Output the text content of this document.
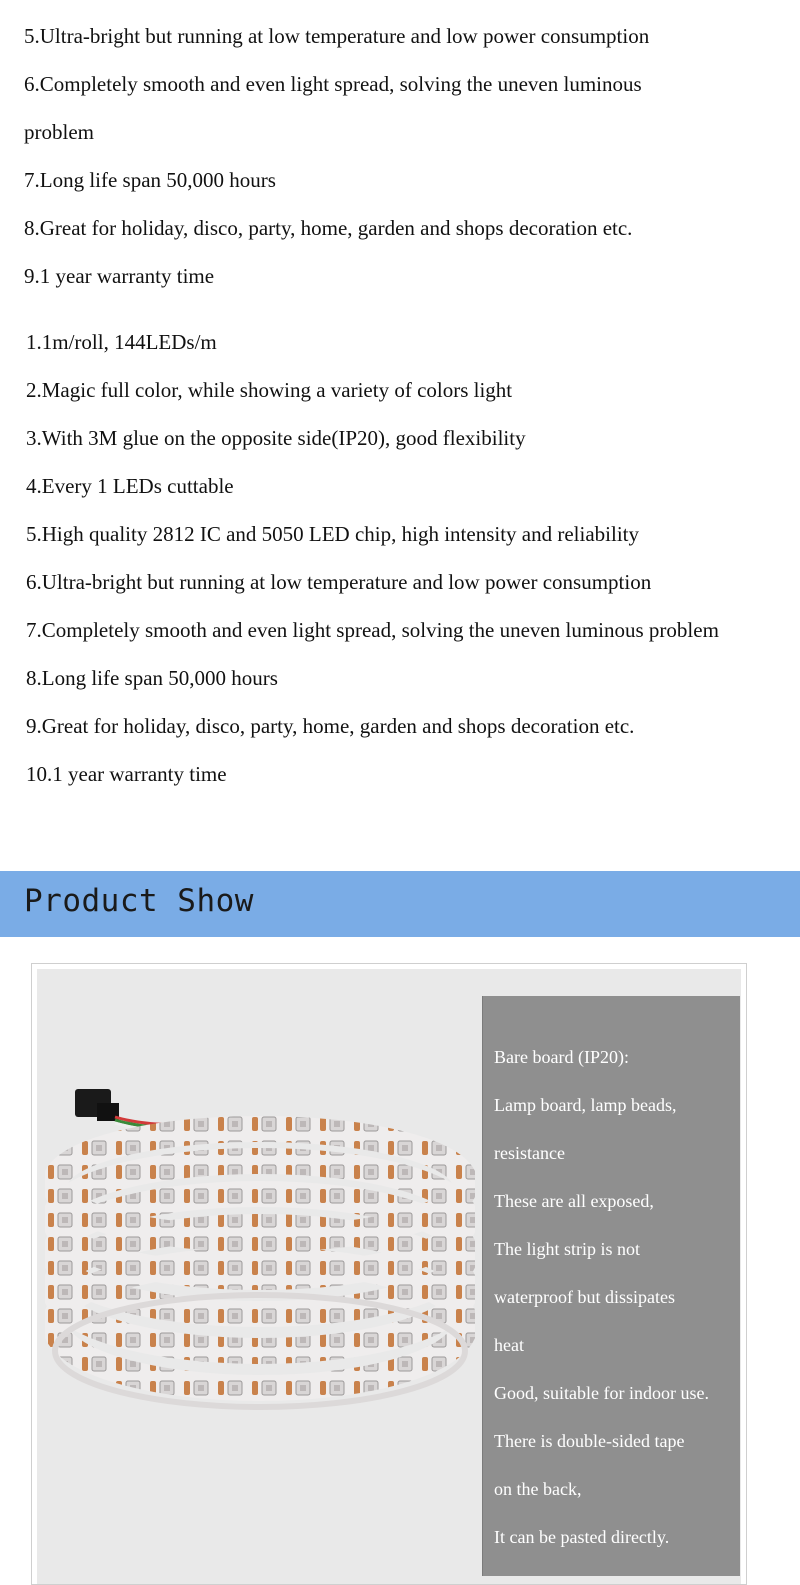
5.Ultra-bright but running at low temperature and low power consumption
6.Completely smooth and even light spread, solving the uneven luminous problem
7.Long life span 50,000 hours
8.Great for holiday, disco, party, home, garden and shops decoration etc.
9.1 year warranty time
1.1m/roll, 144LEDs/m
2.Magic full color, while showing a variety of colors light
3.With 3M glue on the opposite side(IP20), good flexibility
4.Every 1 LEDs cuttable
5.High quality 2812 IC and 5050 LED chip, high intensity and reliability
6.Ultra-bright but running at low temperature and low power consumption
7.Completely smooth and even light spread, solving the uneven luminous problem
8.Long life span 50,000 hours
9.Great for holiday, disco, party, home, garden and shops decoration etc.
10.1 year warranty time
Product Show
Bare board (IP20):
Lamp board, lamp beads,
resistance
These are all exposed,
The light strip is not
waterproof but dissipates
heat
Good, suitable for indoor use.
There is double-sided tape
on the back,
It can be pasted directly.
